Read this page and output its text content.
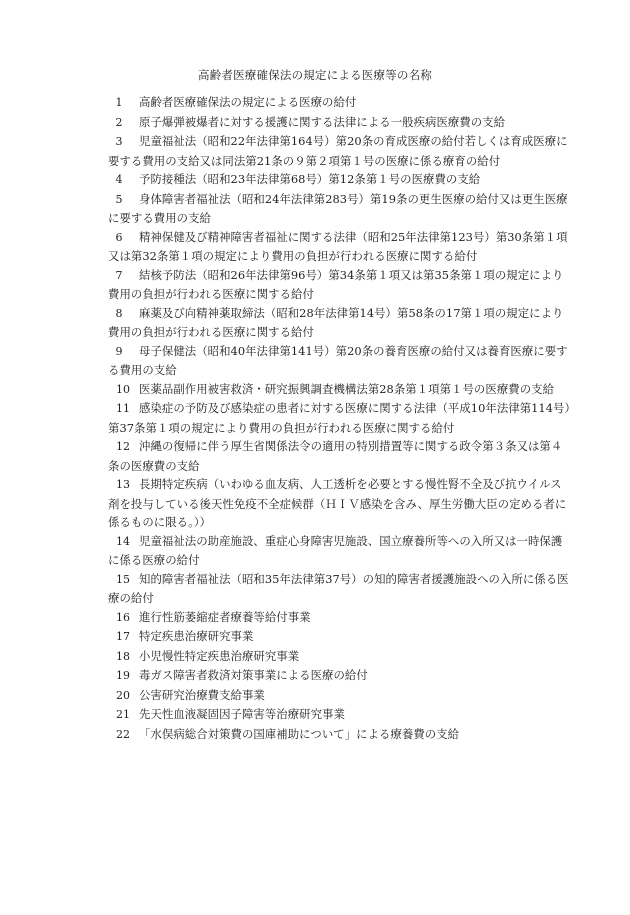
高齢者医療確保法の規定による医療等の名称
1 高齢者医療確保法の規定による医療の給付
2 原子爆弾被爆者に対する援護に関する法律による一般疾病医療費の支給
3 児童福祉法（昭和22年法律第164号）第20条の育成医療の給付若しくは育成医療に要する費用の支給又は同法第21条の９第２項第１号の医療に係る療育の給付
4 予防接種法（昭和23年法律第68号）第12条第１号の医療費の支給
5 身体障害者福祉法（昭和24年法律第283号）第19条の更生医療の給付又は更生医療に要する費用の支給
6 精神保健及び精神障害者福祉に関する法律（昭和25年法律第123号）第30条第１項又は第32条第１項の規定により費用の負担が行われる医療に関する給付
7 結核予防法（昭和26年法律第96号）第34条第１項又は第35条第１項の規定により費用の負担が行われる医療に関する給付
8 麻薬及び向精神薬取締法（昭和28年法律第14号）第58条の17第１項の規定により費用の負担が行われる医療に関する給付
9 母子保健法（昭和40年法律第141号）第20条の養育医療の給付又は養育医療に要する費用の支給
10 医薬品副作用被害救済・研究振興調査機構法第28条第１項第１号の医療費の支給
11 感染症の予防及び感染症の患者に対する医療に関する法律（平成10年法律第114号）第37条第１項の規定により費用の負担が行われる医療に関する給付
12 沖縄の復帰に伴う厚生省関係法令の適用の特別措置等に関する政令第３条又は第４条の医療費の支給
13 長期特定疾病（いわゆる血友病、人工透析を必要とする慢性腎不全及び抗ウイルス剤を投与している後天性免疫不全症候群（ＨＩＶ感染を含み、厚生労働大臣の定める者に係るものに限る。））
14 児童福祉法の助産施設、重症心身障害児施設、国立療養所等への入所又は一時保護に係る医療の給付
15 知的障害者福祉法（昭和35年法律第37号）の知的障害者援護施設への入所に係る医療の給付
16 進行性筋萎縮症者療養等給付事業
17 特定疾患治療研究事業
18 小児慢性特定疾患治療研究事業
19 毒ガス障害者救済対策事業による医療の給付
20 公害研究治療費支給事業
21 先天性血液凝固因子障害等治療研究事業
22 「水俣病総合対策費の国庫補助について」による療養費の支給
